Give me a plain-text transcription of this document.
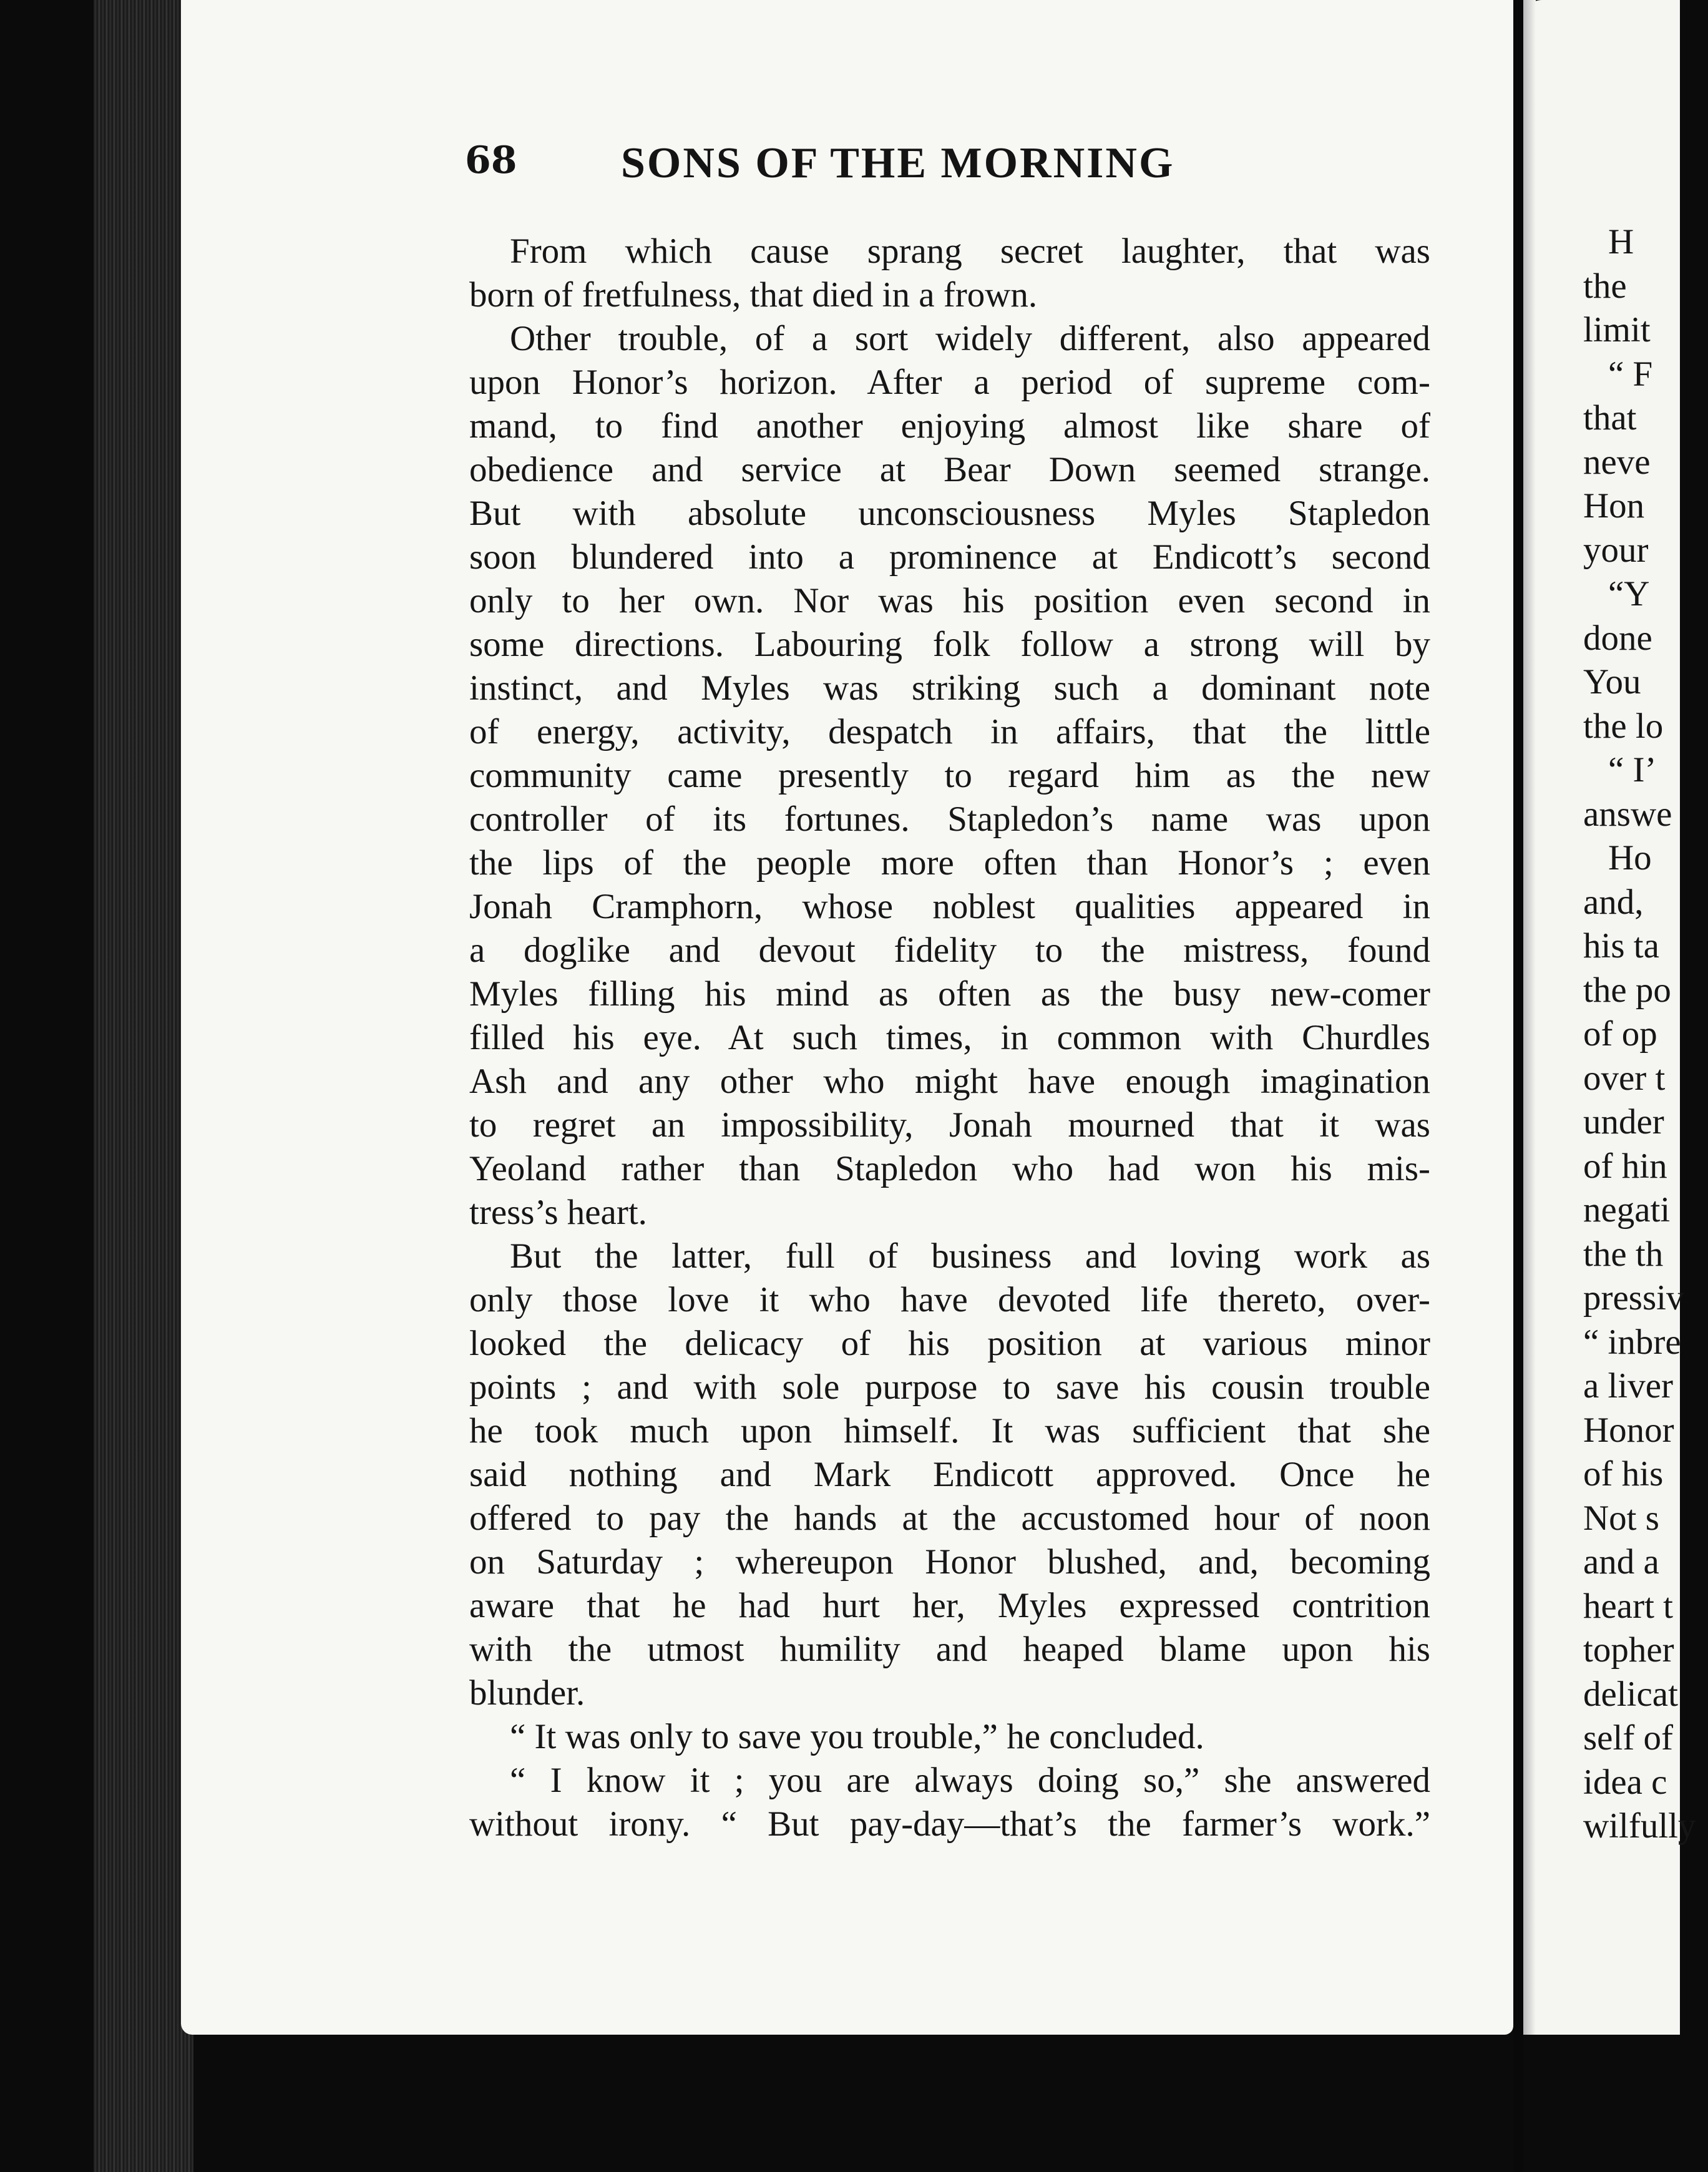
68 SONS OF THE MORNING
From which cause sprang secret laughter, that was
born of fretfulness, that died in a frown.
Other trouble, of a sort widely different, also appeared
upon Honor’s horizon. After a period of supreme com-
mand, to find another enjoying almost like share of
obedience and service at Bear Down seemed strange.
But with absolute unconsciousness Myles Stapledon
soon blundered into a prominence at Endicott’s second
only to her own. Nor was his position even second in
some directions. Labouring folk follow a strong will by
instinct, and Myles was striking such a dominant note
of energy, activity, despatch in affairs, that the little
community came presently to regard him as the new
controller of its fortunes. Stapledon’s name was upon
the lips of the people more often than Honor’s ; even
Jonah Cramphorn, whose noblest qualities appeared in
a doglike and devout fidelity to the mistress, found
Myles filling his mind as often as the busy new-comer
filled his eye. At such times, in common with Churdles
Ash and any other who might have enough imagination
to regret an impossibility, Jonah mourned that it was
Yeoland rather than Stapledon who had won his mis-
tress’s heart.
But the latter, full of business and loving work as
only those love it who have devoted life thereto, over-
looked the delicacy of his position at various minor
points ; and with sole purpose to save his cousin trouble
he took much upon himself. It was sufficient that she
said nothing and Mark Endicott approved. Once he
offered to pay the hands at the accustomed hour of noon
on Saturday ; whereupon Honor blushed, and, becoming
aware that he had hurt her, Myles expressed contrition
with the utmost humility and heaped blame upon his
blunder.
“ It was only to save you trouble,” he concluded.
“ I know it ; you are always doing so,” she answered
without irony. “ But pay-day—that’s the farmer’s work.”
H
the
limit
“ F
that
neve
Hon
your
“Y
done
You
the lo
“ I’
answe
Ho
and,
his ta
the po
of op
over t
under
of hin
negati
the th
pressiv
“ inbre
a liver
Honor
of his
Not s
and a
heart t
topher
delicat
self of
idea c
wilfully
